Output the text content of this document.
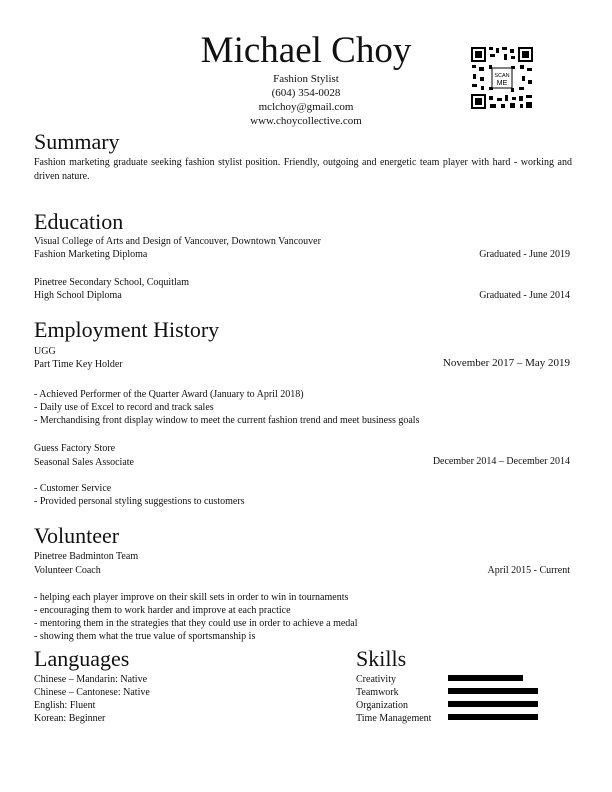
Michael Choy
Fashion Stylist
(604) 354-0028
mclchoy@gmail.com
www.choycollective.com
SCAN
ME
Summary
Fashion marketing graduate seeking fashion stylist position. Friendly, outgoing and energetic team player with hard - working and driven nature.
Education
Visual College of Arts and Design of Vancouver, Downtown Vancouver
Fashion Marketing Diploma	Graduated - June 2019
Pinetree Secondary School, Coquitlam
High School Diploma	Graduated - June 2014
Employment History
UGG
Part Time Key Holder	November 2017 – May 2019
- Achieved Performer of the Quarter Award (January to April 2018)
- Daily use of Excel to record and track sales
- Merchandising front display window to meet the current fashion trend and meet business goals
Guess Factory Store
Seasonal Sales Associate	December 2014 – December 2014
- Customer Service
- Provided personal styling suggestions to customers
Volunteer
Pinetree Badminton Team
Volunteer Coach	April 2015 - Current
- helping each player improve on their skill sets in order to win in tournaments
- encouraging them to work harder and improve at each practice
- mentoring them in the strategies that they could use in order to achieve a medal
- showing them what the true value of sportsmanship is
Languages
Chinese – Mandarin: Native
Chinese – Cantonese: Native
English: Fluent
Korean: Beginner
Skills
Creativity
Teamwork
Organization
Time Management
